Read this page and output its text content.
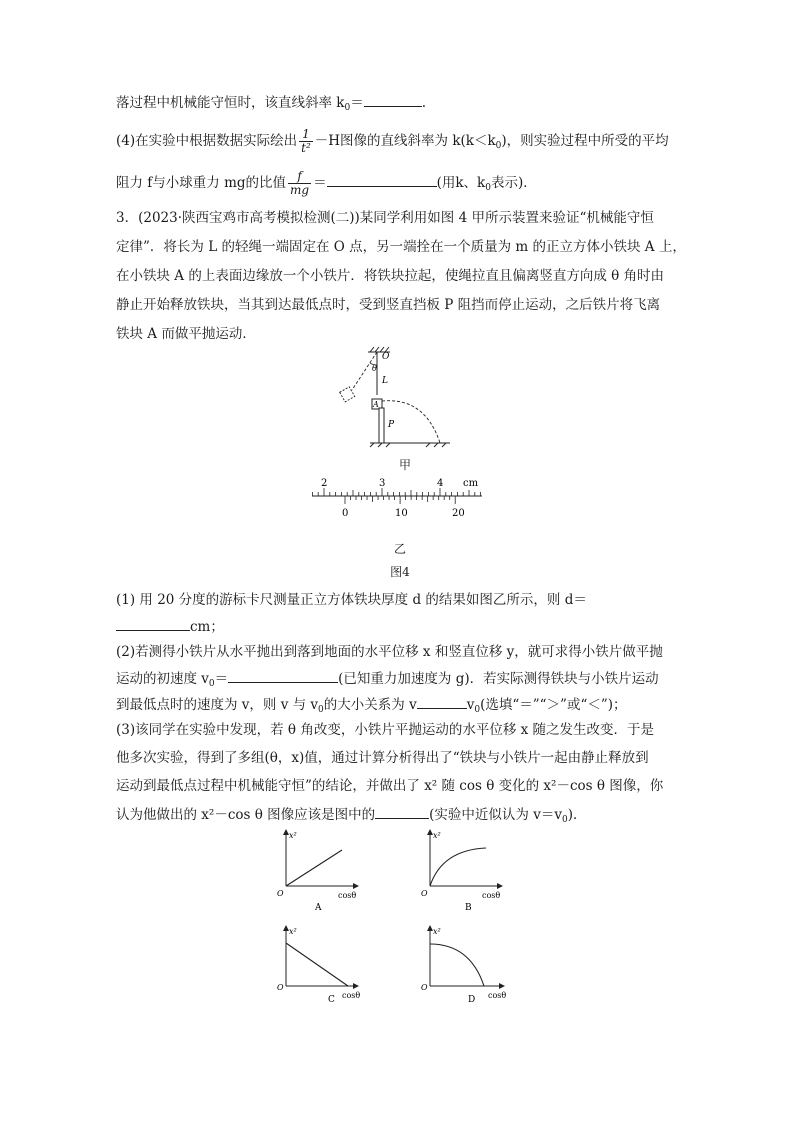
落过程中机械能守恒时，该直线斜率 $k_0=$	.
(4)在实验中根据数据实际绘出 $\frac{1}{\text{t²}} -H$图像的直线斜率为 $k(k<k_0)$，则实验过程中所受的平均
阻力 f与小球重力 mg的比值 $\frac{f}{mg}$ ＝	(用k、$k_0$表示)．
3．(2023·陕西宝鸡市高考模拟检测(二))某同学利用如图 4 甲所示装置来验证“机械能守恒
定律”．将长为 L 的轻绳一端固定在 O 点，另一端拴在一个质量为 m 的正立方体小铁块 A 上，
在小铁块 A 的上表面边缘放一个小铁片．将铁块拉起，使绳拉直且偏离竖直方向成 θ 角时由
静止开始释放铁块，当其到达最低点时，受到竖直挡板 P 阻挡而停止运动，之后铁片将飞离
铁块 A 而做平抛运动．
O
θ
L
A
P
甲
2	3	4 cm
0	10	20
乙
图4
(1) 用 20 分度的游标卡尺测量正立方体铁块厚度 d 的结果如图乙所示，则 d＝
cm；
(2)若测得小铁片从水平抛出到落到地面的水平位移 x 和竖直位移 y，就可求得小铁片做平抛
运动的初速度 $v_0=$	(已知重力加速度为 g)．若实际测得铁块与小铁片运动
到最低点时的速度为 v，则 v 与 $v_0$的大小关系为 v	$v_0$(选填“＝”“＞”或“＜”)；
(3)该同学在实验中发现，若 θ 角改变，小铁片平抛运动的水平位移 x 随之发生改变．于是
他多次实验，得到了多组(θ，x)值，通过计算分析得出了“铁块与小铁片一起由静止释放到
运动到最低点过程中机械能守恒”的结论，并做出了 x² 随 cos θ 变化的 x²－cos θ 图像，你
认为他做出的 x²－cos θ 图像应该是图中的	(实验中近似认为 $v=v_0$)．
x²
cosθ
O
A
x²
cosθ
O
B
x²
cosθ
O
C
x²
cosθ
O
D
